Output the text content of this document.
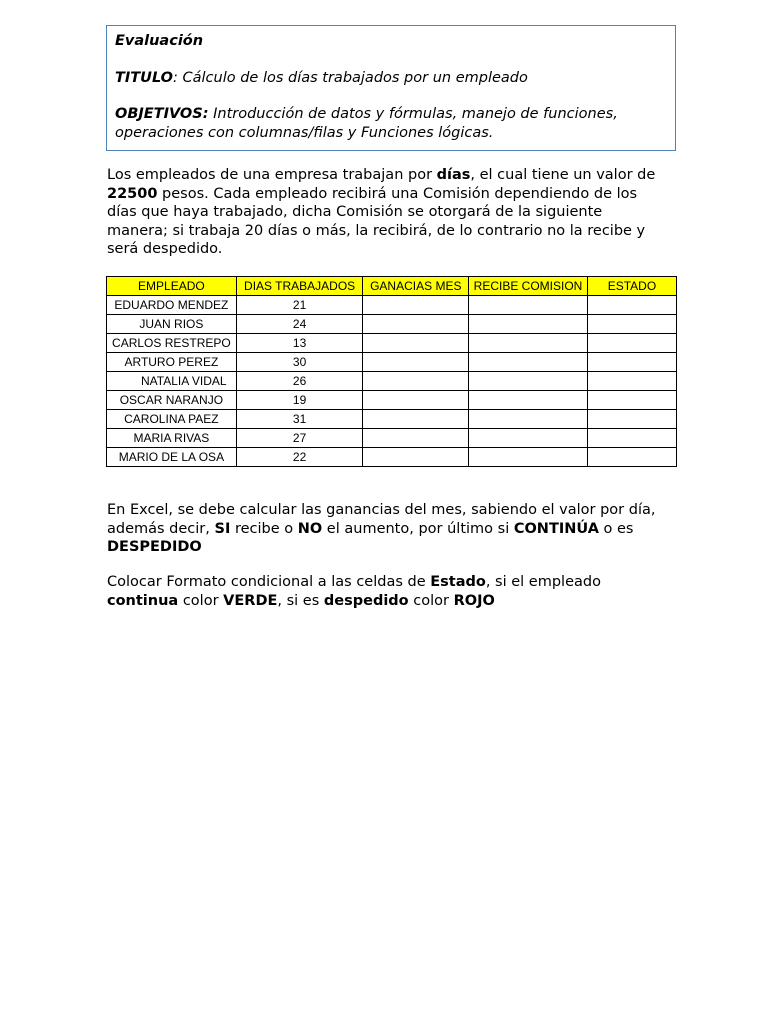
Evaluación

TITULO: Cálculo de los días trabajados por un empleado

OBJETIVOS: Introducción de datos y fórmulas, manejo de funciones, operaciones con columnas/filas y Funciones lógicas.

Los empleados de una empresa trabajan por días, el cual tiene un valor de 22500 pesos. Cada empleado recibirá una Comisión dependiendo de los días que haya trabajado, dicha Comisión se otorgará de la siguiente manera; si trabaja 20 días o más, la recibirá, de lo contrario no la recibe y será despedido.

EMPLEADO	DIAS TRABAJADOS	GANACIAS MES	RECIBE COMISION	ESTADO
EDUARDO MENDEZ	21			
JUAN RIOS	24			
CARLOS RESTREPO	13			
ARTURO PEREZ	30			
NATALIA VIDAL	26			
OSCAR NARANJO	19			
CAROLINA PAEZ	31			
MARIA RIVAS	27			
MARIO DE LA OSA	22			

En Excel, se debe calcular las ganancias del mes, sabiendo el valor por día, además decir, SI recibe o NO el aumento, por último si CONTINÚA o es DESPEDIDO

Colocar Formato condicional a las celdas de Estado, si el empleado continua color VERDE, si es despedido color ROJO
